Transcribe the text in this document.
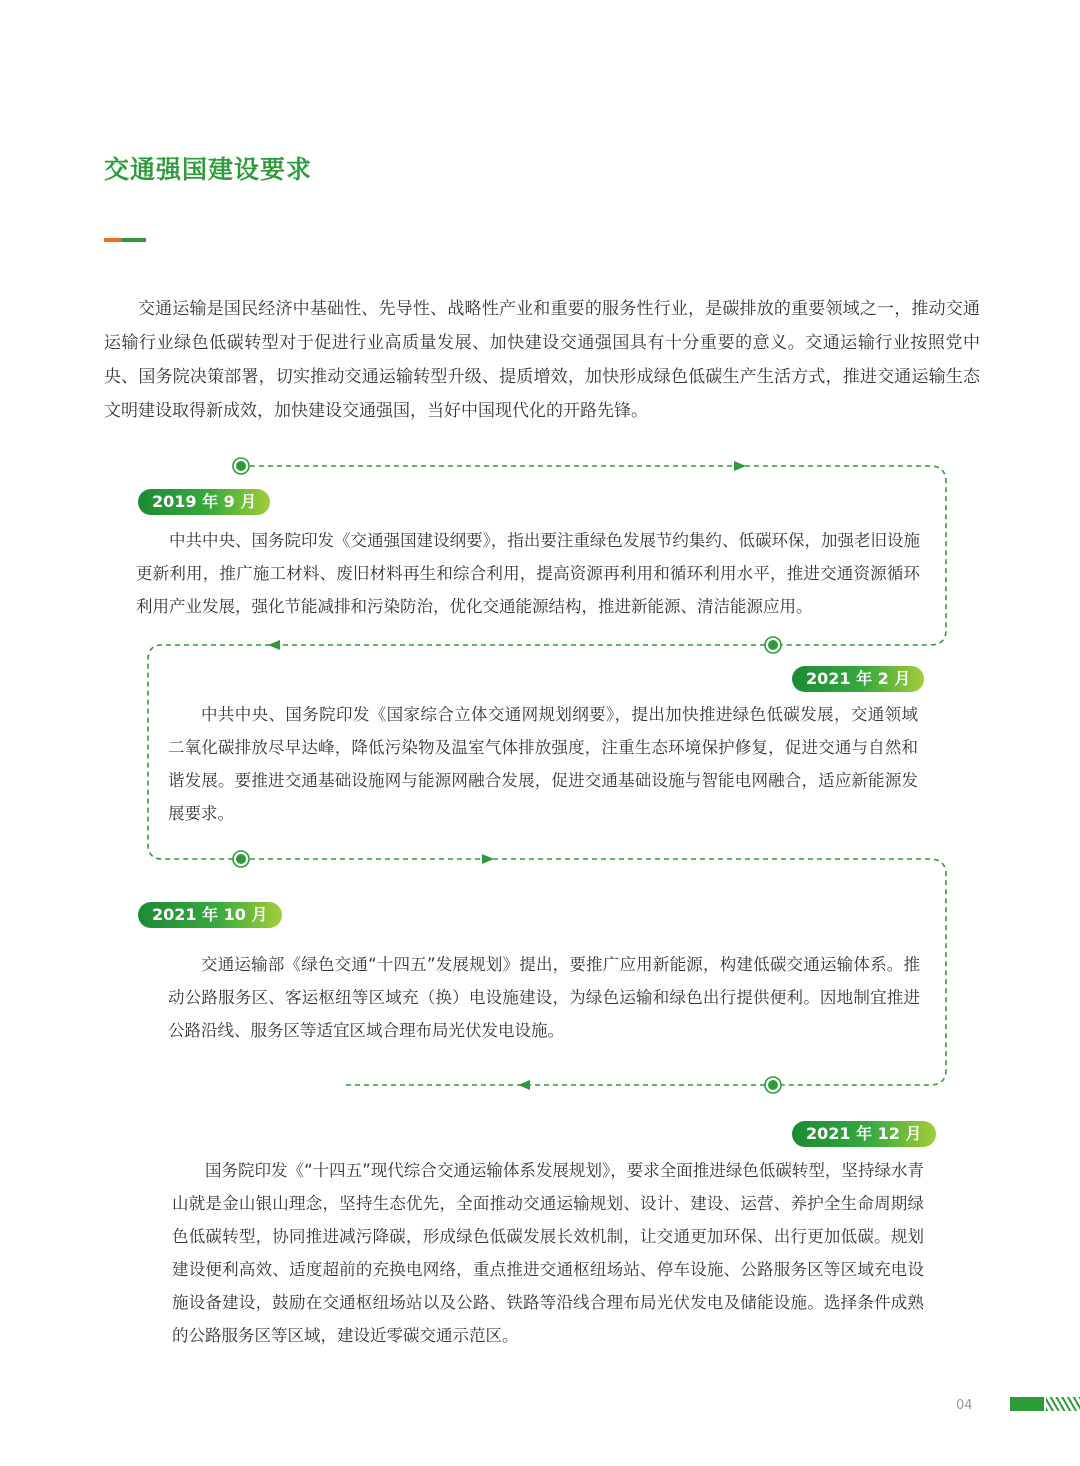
交通强国建设要求

交通运输是国民经济中基础性、先导性、战略性产业和重要的服务性行业，是碳排放的重要领域之一，推动交通运输行业绿色低碳转型对于促进行业高质量发展、加快建设交通强国具有十分重要的意义。交通运输行业按照党中央、国务院决策部署，切实推动交通运输转型升级、提质增效，加快形成绿色低碳生产生活方式，推进交通运输生态文明建设取得新成效，加快建设交通强国，当好中国现代化的开路先锋。

2019 年 9 月

中共中央、国务院印发《交通强国建设纲要》，指出要注重绿色发展节约集约、低碳环保，加强老旧设施更新利用，推广施工材料、废旧材料再生和综合利用，提高资源再利用和循环利用水平，推进交通资源循环利用产业发展，强化节能减排和污染防治，优化交通能源结构，推进新能源、清洁能源应用。

2021 年 2 月

中共中央、国务院印发《国家综合立体交通网规划纲要》，提出加快推进绿色低碳发展，交通领域二氧化碳排放尽早达峰，降低污染物及温室气体排放强度，注重生态环境保护修复，促进交通与自然和谐发展。要推进交通基础设施网与能源网融合发展，促进交通基础设施与智能电网融合，适应新能源发展要求。

2021 年 10 月

交通运输部《绿色交通“十四五”发展规划》提出，要推广应用新能源，构建低碳交通运输体系。推动公路服务区、客运枢纽等区域充（换）电设施建设，为绿色运输和绿色出行提供便利。因地制宜推进公路沿线、服务区等适宜区域合理布局光伏发电设施。

2021 年 12 月

国务院印发《“十四五”现代综合交通运输体系发展规划》，要求全面推进绿色低碳转型，坚持绿水青山就是金山银山理念，坚持生态优先，全面推动交通运输规划、设计、建设、运营、养护全生命周期绿色低碳转型，协同推进减污降碳，形成绿色低碳发展长效机制，让交通更加环保、出行更加低碳。规划建设便利高效、适度超前的充换电网络，重点推进交通枢纽场站、停车设施、公路服务区等区域充电设施设备建设，鼓励在交通枢纽场站以及公路、铁路等沿线合理布局光伏发电及储能设施。选择条件成熟的公路服务区等区域，建设近零碳交通示范区。

04
